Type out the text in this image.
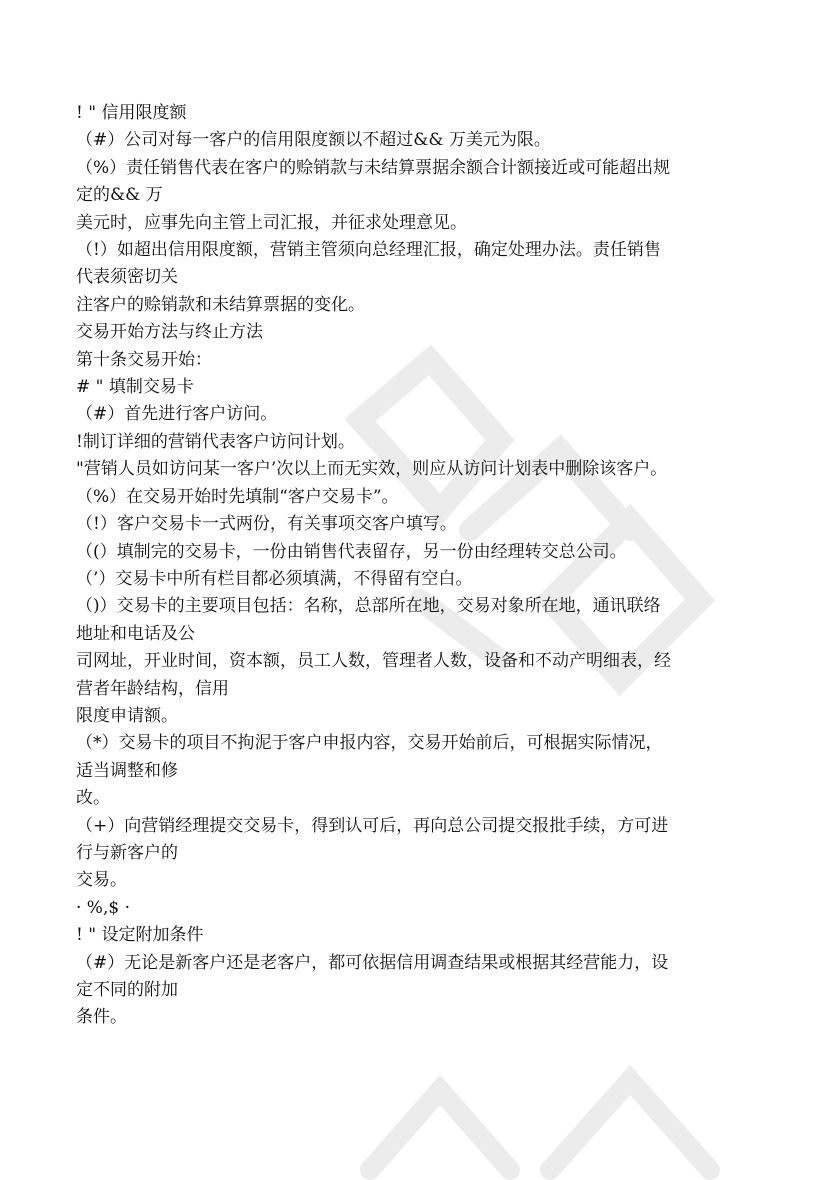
! " 信用限度额
（#）公司对每一客户的信用限度额以不超过&& 万美元为限。
（%）责任销售代表在客户的赊销款与未结算票据余额合计额接近或可能超出规
定的&& 万
美元时，应事先向主管上司汇报，并征求处理意见。
（!）如超出信用限度额，营销主管须向总经理汇报，确定处理办法。责任销售
代表须密切关
注客户的赊销款和未结算票据的变化。
交易开始方法与终止方法
第十条交易开始：
# " 填制交易卡
（#）首先进行客户访问。
!制订详细的营销代表客户访问计划。
"营销人员如访问某一客户’次以上而无实效，则应从访问计划表中删除该客户。
（%）在交易开始时先填制“客户交易卡”。
（!）客户交易卡一式两份，有关事项交客户填写。
（(）填制完的交易卡，一份由销售代表留存，另一份由经理转交总公司。
（’）交易卡中所有栏目都必须填满，不得留有空白。
（)）交易卡的主要项目包括：名称，总部所在地，交易对象所在地，通讯联络
地址和电话及公
司网址，开业时间，资本额，员工人数，管理者人数，设备和不动产明细表，经
营者年龄结构，信用
限度申请额。
（*）交易卡的项目不拘泥于客户申报内容，交易开始前后，可根据实际情况，
适当调整和修
改。
（+）向营销经理提交交易卡，得到认可后，再向总公司提交报批手续，方可进
行与新客户的
交易。
· %,$ ·
! " 设定附加条件
（#）无论是新客户还是老客户，都可依据信用调查结果或根据其经营能力，设
定不同的附加
条件。
